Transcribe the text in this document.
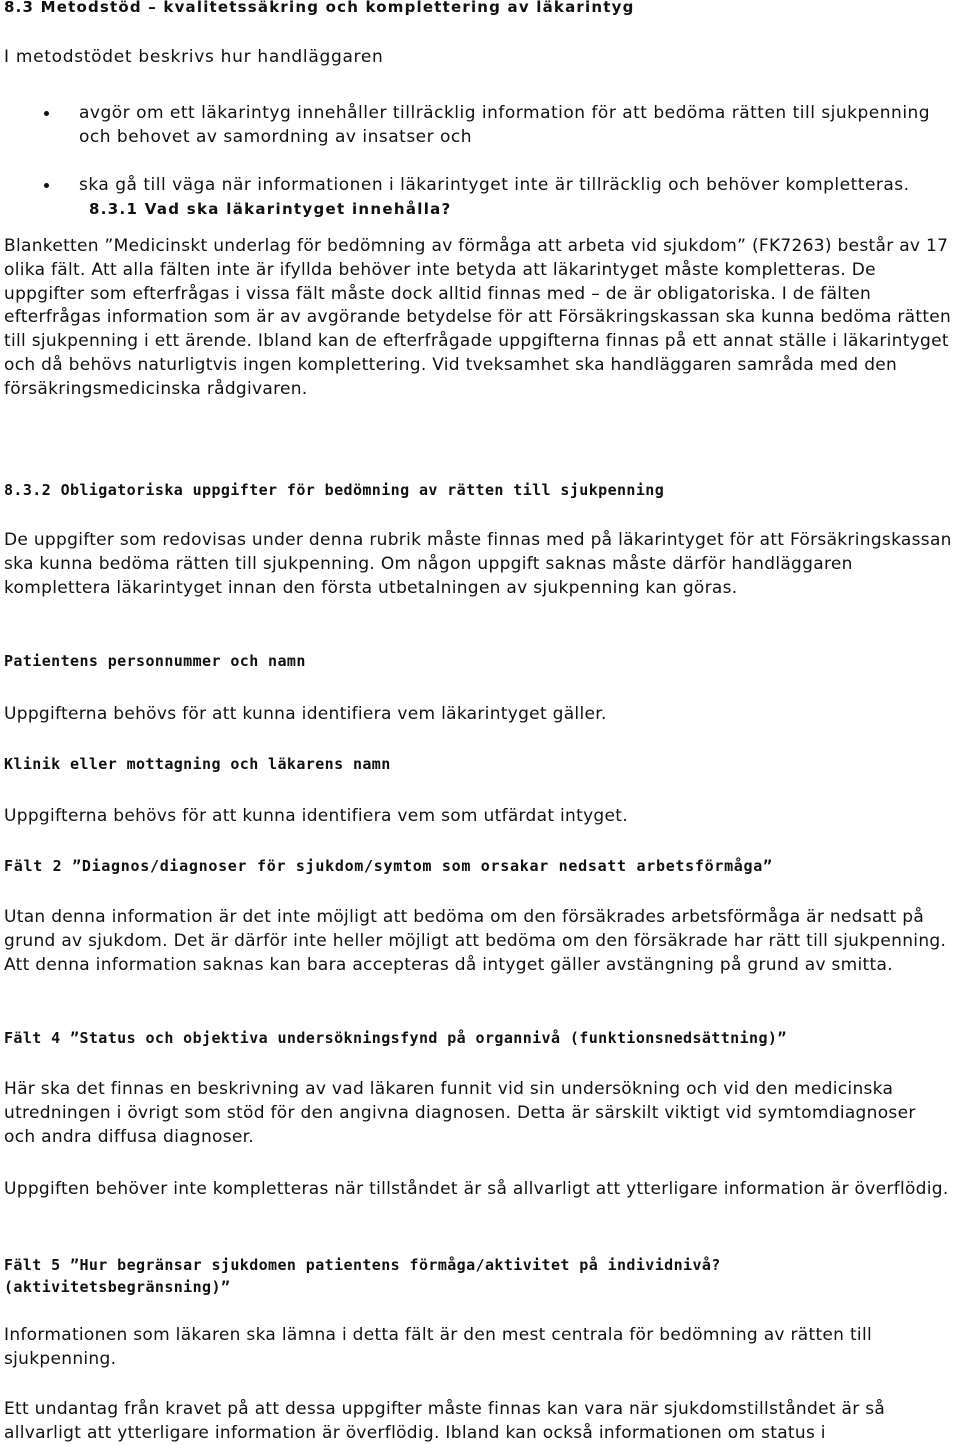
8.3 Metodstöd – kvalitetssäkring och komplettering av läkarintyg

I metodstödet beskrivs hur handläggaren

avgör om ett läkarintyg innehåller tillräcklig information för att bedöma rätten till sjukpenning och behovet av samordning av insatser och
ska gå till väga när informationen i läkarintyget inte är tillräcklig och behöver kompletteras. 8.3.1 Vad ska läkarintyget innehålla?

Blanketten ”Medicinskt underlag för bedömning av förmåga att arbeta vid sjukdom” (FK7263) består av 17 olika fält. Att alla fälten inte är ifyllda behöver inte betyda att läkarintyget måste kompletteras. De uppgifter som efterfrågas i vissa fält måste dock alltid finnas med – de är obligatoriska. I de fälten efterfrågas information som är av avgörande betydelse för att Försäkringskassan ska kunna bedöma rätten till sjukpenning i ett ärende. Ibland kan de efterfrågade uppgifterna finnas på ett annat ställe i läkarintyget och då behövs naturligtvis ingen komplettering. Vid tveksamhet ska handläggaren samråda med den försäkringsmedicinska rådgivaren.

8.3.2 Obligatoriska uppgifter för bedömning av rätten till sjukpenning

De uppgifter som redovisas under denna rubrik måste finnas med på läkarintyget för att Försäkringskassan ska kunna bedöma rätten till sjukpenning. Om någon uppgift saknas måste därför handläggaren komplettera läkarintyget innan den första utbetalningen av sjukpenning kan göras.

Patientens personnummer och namn

Uppgifterna behövs för att kunna identifiera vem läkarintyget gäller.

Klinik eller mottagning och läkarens namn

Uppgifterna behövs för att kunna identifiera vem som utfärdat intyget.

Fält 2 ”Diagnos/diagnoser för sjukdom/symtom som orsakar nedsatt arbetsförmåga”

Utan denna information är det inte möjligt att bedöma om den försäkrades arbetsförmåga är nedsatt på grund av sjukdom. Det är därför inte heller möjligt att bedöma om den försäkrade har rätt till sjukpenning. Att denna information saknas kan bara accepteras då intyget gäller avstängning på grund av smitta.

Fält 4 ”Status och objektiva undersökningsfynd på organnivå (funktionsnedsättning)”

Här ska det finnas en beskrivning av vad läkaren funnit vid sin undersökning och vid den medicinska utredningen i övrigt som stöd för den angivna diagnosen. Detta är särskilt viktigt vid symtomdiagnoser och andra diffusa diagnoser.

Uppgiften behöver inte kompletteras när tillståndet är så allvarligt att ytterligare information är överflödig.

Fält 5 ”Hur begränsar sjukdomen patientens förmåga/aktivitet på individnivå? (aktivitetsbegränsning)”

Informationen som läkaren ska lämna i detta fält är den mest centrala för bedömning av rätten till sjukpenning.

Ett undantag från kravet på att dessa uppgifter måste finnas kan vara när sjukdomstillståndet är så allvarligt att ytterligare information är överflödig. Ibland kan också informationen om status i
